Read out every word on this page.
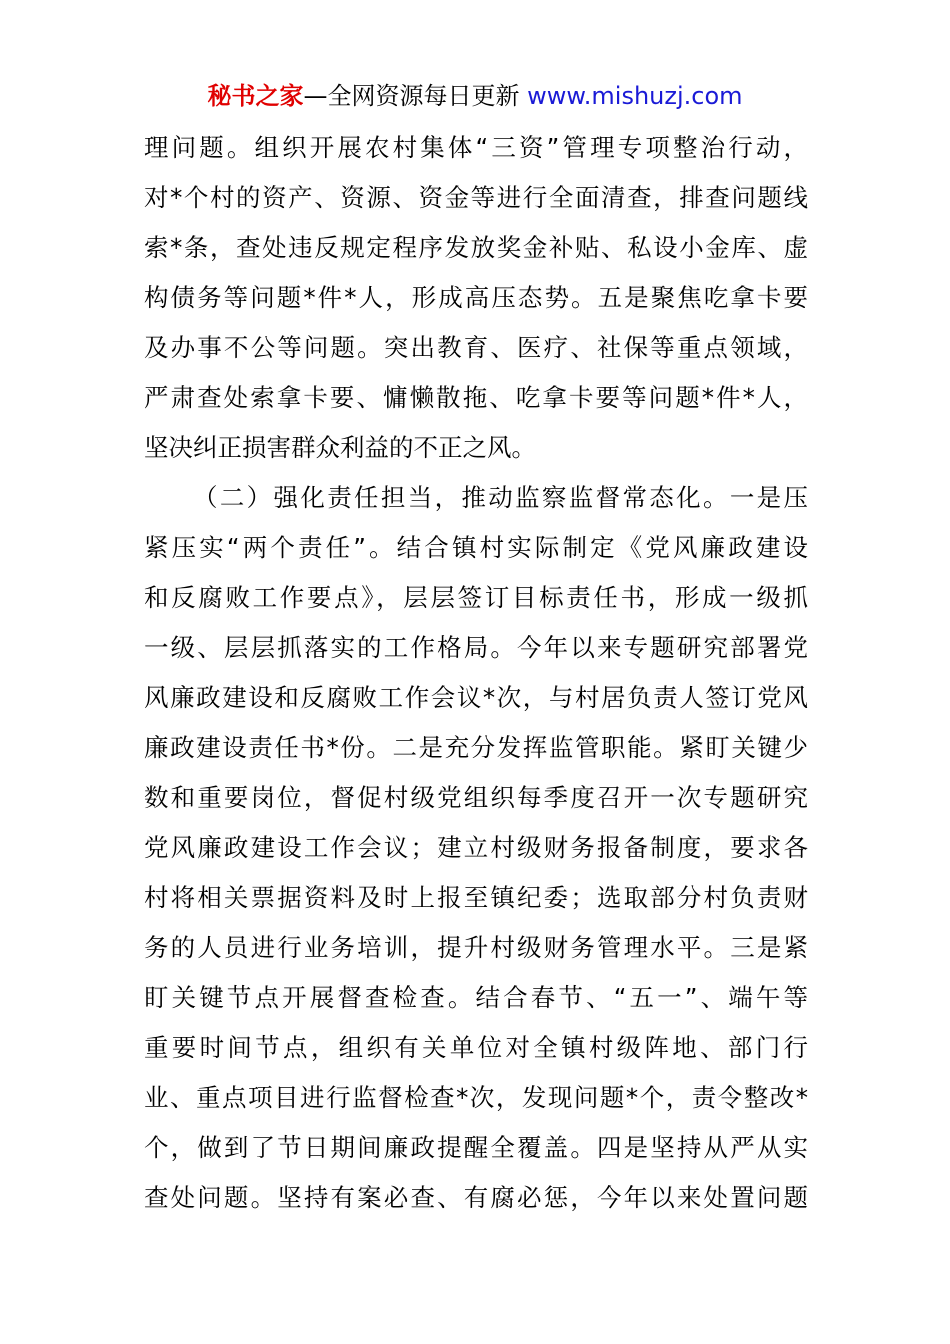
秘书之家—全网资源每日更新 www.mishuzj.com
理问题。组织开展农村集体“三资”管理专项整治行动，
对*个村的资产、资源、资金等进行全面清查，排查问题线
索*条，查处违反规定程序发放奖金补贴、私设小金库、虚
构债务等问题*件*人，形成高压态势。五是聚焦吃拿卡要
及办事不公等问题。突出教育、医疗、社保等重点领域，
严肃查处索拿卡要、慵懒散拖、吃拿卡要等问题*件*人，
坚决纠正损害群众利益的不正之风。
（二）强化责任担当，推动监察监督常态化。一是压
紧压实“两个责任”。结合镇村实际制定《党风廉政建设
和反腐败工作要点》，层层签订目标责任书，形成一级抓
一级、层层抓落实的工作格局。今年以来专题研究部署党
风廉政建设和反腐败工作会议*次，与村居负责人签订党风
廉政建设责任书*份。二是充分发挥监管职能。紧盯关键少
数和重要岗位，督促村级党组织每季度召开一次专题研究
党风廉政建设工作会议；建立村级财务报备制度，要求各
村将相关票据资料及时上报至镇纪委；选取部分村负责财
务的人员进行业务培训，提升村级财务管理水平。三是紧
盯关键节点开展督查检查。结合春节、“五一”、端午等
重要时间节点，组织有关单位对全镇村级阵地、部门行
业、重点项目进行监督检查*次，发现问题*个，责令整改*
个，做到了节日期间廉政提醒全覆盖。四是坚持从严从实
查处问题。坚持有案必查、有腐必惩，今年以来处置问题
